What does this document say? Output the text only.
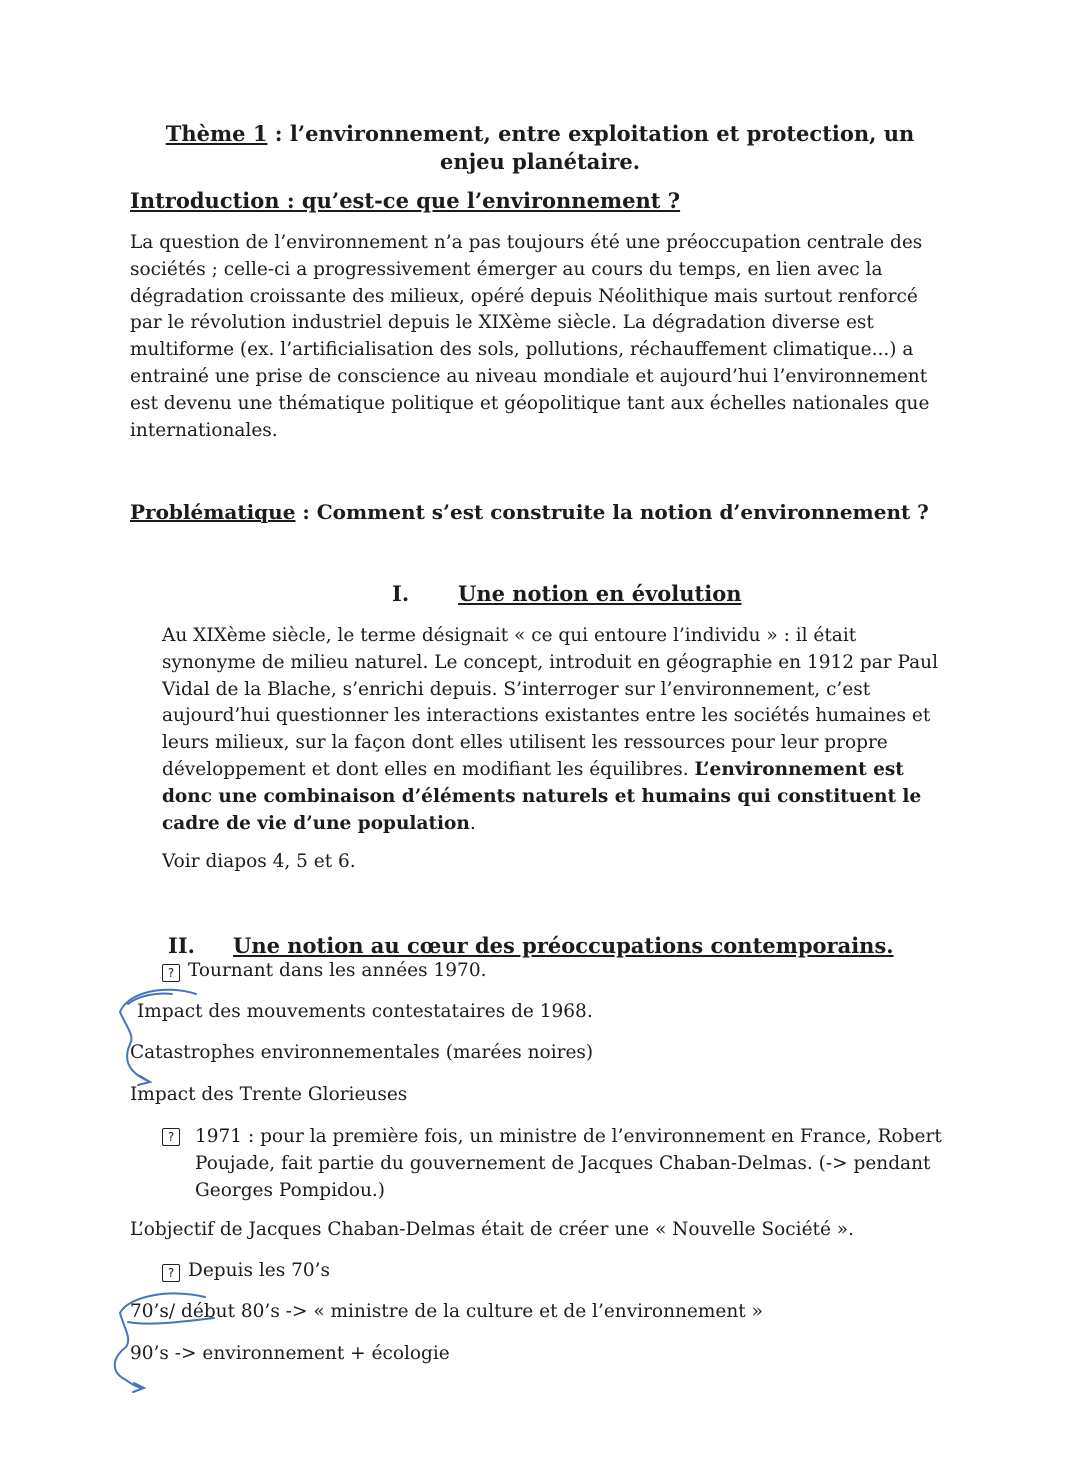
Thème 1 : l’environnement, entre exploitation et protection, un enjeu planétaire.
Introduction : qu’est-ce que l’environnement ?
La question de l’environnement n’a pas toujours été une préoccupation centrale des sociétés ; celle-ci a progressivement émerger au cours du temps, en lien avec la dégradation croissante des milieux, opéré depuis Néolithique mais surtout renforcé par le révolution industriel depuis le XIXème siècle. La dégradation diverse est multiforme (ex. l’artificialisation des sols, pollutions, réchauffement climatique...) a entrainé une prise de conscience au niveau mondiale et aujourd’hui l’environnement est devenu une thématique politique et géopolitique tant aux échelles nationales que internationales.
Problématique : Comment s’est construite la notion d’environnement ?
I. Une notion en évolution
Au XIXème siècle, le terme désignait « ce qui entoure l’individu » : il était synonyme de milieu naturel. Le concept, introduit en géographie en 1912 par Paul Vidal de la Blache, s’enrichi depuis. S’interroger sur l’environnement, c’est aujourd’hui questionner les interactions existantes entre les sociétés humaines et leurs milieux, sur la façon dont elles utilisent les ressources pour leur propre développement et dont elles en modifiant les équilibres. L’environnement est donc une combinaison d’éléments naturels et humains qui constituent le cadre de vie d’une population.
Voir diapos 4, 5 et 6.
II. Une notion au cœur des préoccupations contemporains.
? Tournant dans les années 1970.
Impact des mouvements contestataires de 1968.
Catastrophes environnementales (marées noires)
Impact des Trente Glorieuses
?	1971 : pour la première fois, un ministre de l’environnement en France, Robert Poujade, fait partie du gouvernement de Jacques Chaban-Delmas. (-> pendant Georges Pompidou.)
L’objectif de Jacques Chaban-Delmas était de créer une « Nouvelle Société ».
? Depuis les 70’s
70’s/ début 80’s -> « ministre de la culture et de l’environnement »
90’s -> environnement + écologie
